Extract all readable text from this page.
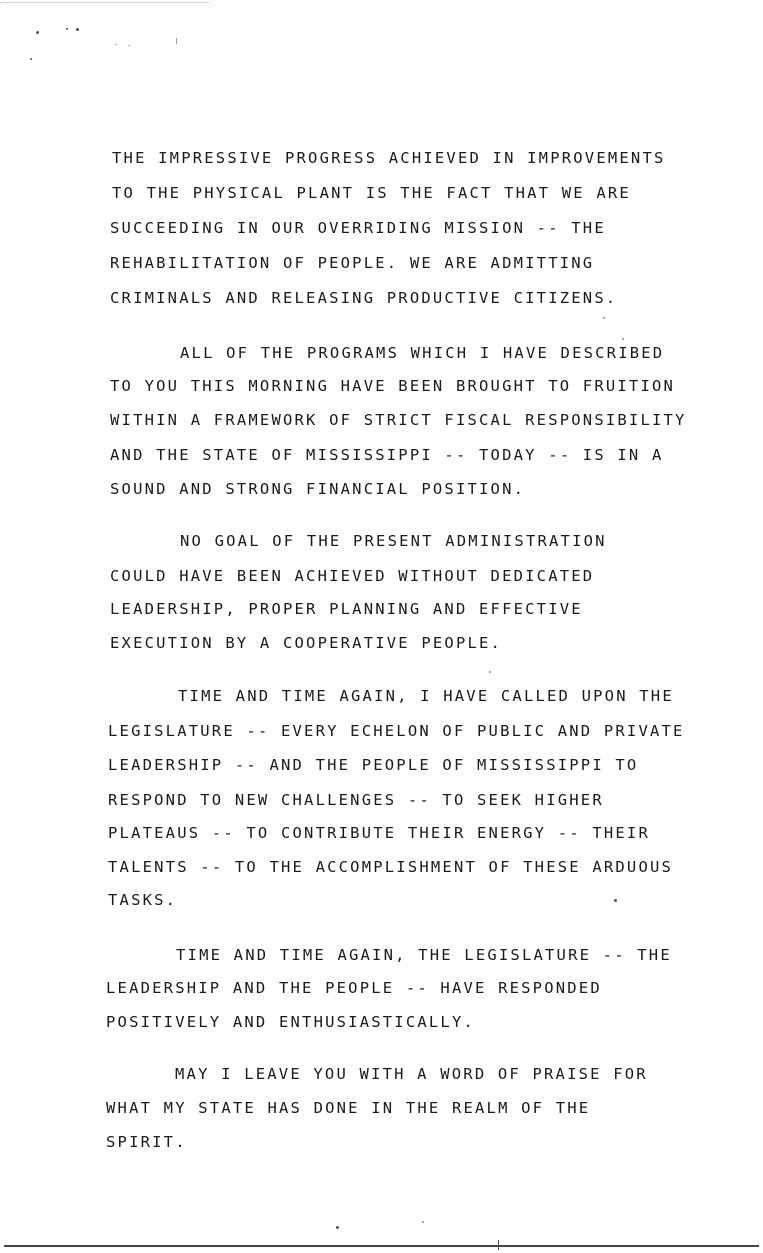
THE IMPRESSIVE PROGRESS ACHIEVED IN IMPROVEMENTS
TO THE PHYSICAL PLANT IS THE FACT THAT WE ARE
SUCCEEDING IN OUR OVERRIDING MISSION -- THE
REHABILITATION OF PEOPLE. WE ARE ADMITTING
CRIMINALS AND RELEASING PRODUCTIVE CITIZENS.
ALL OF THE PROGRAMS WHICH I HAVE DESCRIBED
TO YOU THIS MORNING HAVE BEEN BROUGHT TO FRUITION
WITHIN A FRAMEWORK OF STRICT FISCAL RESPONSIBILITY
AND THE STATE OF MISSISSIPPI -- TODAY -- IS IN A
SOUND AND STRONG FINANCIAL POSITION.
NO GOAL OF THE PRESENT ADMINISTRATION
COULD HAVE BEEN ACHIEVED WITHOUT DEDICATED
LEADERSHIP, PROPER PLANNING AND EFFECTIVE
EXECUTION BY A COOPERATIVE PEOPLE.
TIME AND TIME AGAIN, I HAVE CALLED UPON THE
LEGISLATURE -- EVERY ECHELON OF PUBLIC AND PRIVATE
LEADERSHIP -- AND THE PEOPLE OF MISSISSIPPI TO
RESPOND TO NEW CHALLENGES -- TO SEEK HIGHER
PLATEAUS -- TO CONTRIBUTE THEIR ENERGY -- THEIR
TALENTS -- TO THE ACCOMPLISHMENT OF THESE ARDUOUS
TASKS.
TIME AND TIME AGAIN, THE LEGISLATURE -- THE
LEADERSHIP AND THE PEOPLE -- HAVE RESPONDED
POSITIVELY AND ENTHUSIASTICALLY.
MAY I LEAVE YOU WITH A WORD OF PRAISE FOR
WHAT MY STATE HAS DONE IN THE REALM OF THE
SPIRIT.
